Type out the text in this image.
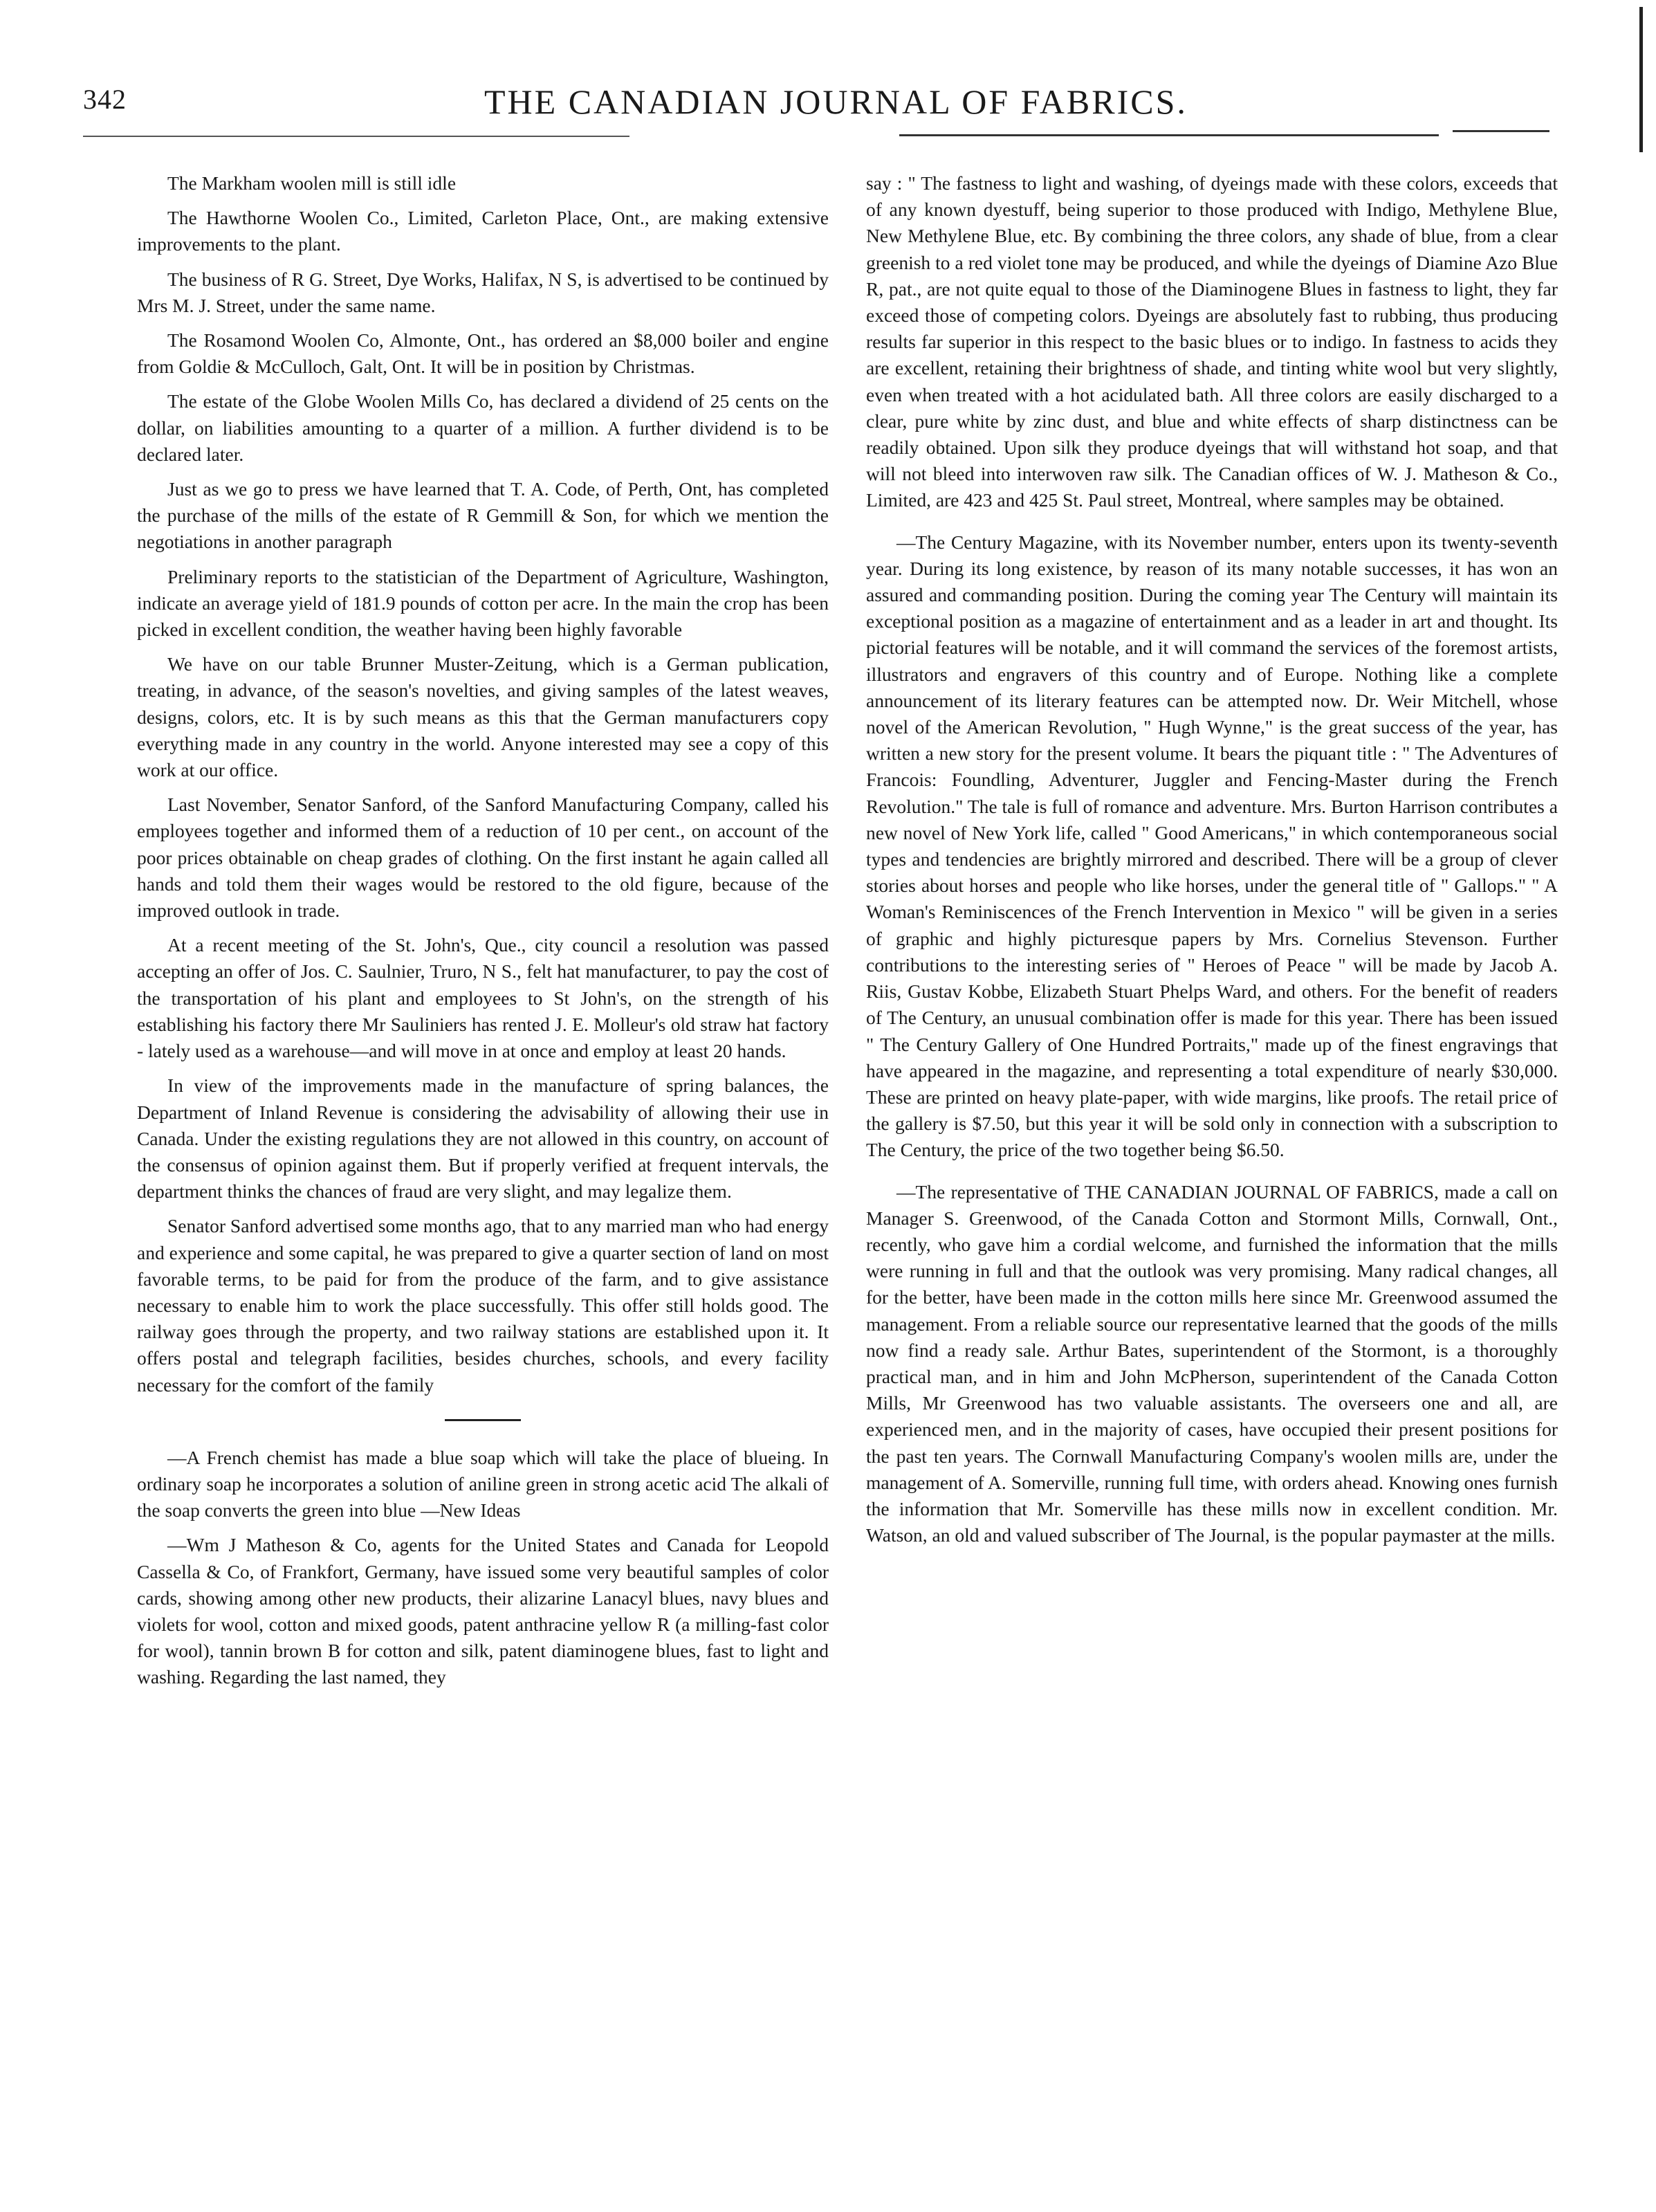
342	THE CANADIAN JOURNAL OF FABRICS.

The Markham woolen mill is still idle

The Hawthorne Woolen Co., Limited, Carleton Place, Ont., are making extensive improvements to the plant.

The business of R G. Street, Dye Works, Halifax, N S, is advertised to be continued by Mrs M. J. Street, under the same name.

The Rosamond Woolen Co, Almonte, Ont., has ordered an $8,000 boiler and engine from Goldie & McCulloch, Galt, Ont. It will be in position by Christmas.

The estate of the Globe Woolen Mills Co, has declared a dividend of 25 cents on the dollar, on liabilities amounting to a quarter of a million. A further dividend is to be declared later.

Just as we go to press we have learned that T. A. Code, of Perth, Ont, has completed the purchase of the mills of the estate of R Gemmill & Son, for which we mention the negotiations in another paragraph

Preliminary reports to the statistician of the Department of Agriculture, Washington, indicate an average yield of 181.9 pounds of cotton per acre. In the main the crop has been picked in excellent condition, the weather having been highly favorable

We have on our table Brunner Muster-Zeitung, which is a German publication, treating, in advance, of the season's novelties, and giving samples of the latest weaves, designs, colors, etc. It is by such means as this that the German manufacturers copy everything made in any country in the world. Anyone interested may see a copy of this work at our office.

Last November, Senator Sanford, of the Sanford Manufacturing Company, called his employees together and informed them of a reduction of 10 per cent., on account of the poor prices obtainable on cheap grades of clothing. On the first instant he again called all hands and told them their wages would be restored to the old figure, because of the improved outlook in trade.

At a recent meeting of the St. John's, Que., city council a resolution was passed accepting an offer of Jos. C. Saulnier, Truro, N S., felt hat manufacturer, to pay the cost of the transportation of his plant and employees to St John's, on the strength of his establishing his factory there Mr Sauliniers has rented J. E. Molleur's old straw hat factory - lately used as a warehouse—and will move in at once and employ at least 20 hands.

In view of the improvements made in the manufacture of spring balances, the Department of Inland Revenue is considering the advisability of allowing their use in Canada. Under the existing regulations they are not allowed in this country, on account of the consensus of opinion against them. But if properly verified at frequent intervals, the department thinks the chances of fraud are very slight, and may legalize them.

Senator Sanford advertised some months ago, that to any married man who had energy and experience and some capital, he was prepared to give a quarter section of land on most favorable terms, to be paid for from the produce of the farm, and to give assistance necessary to enable him to work the place successfully. This offer still holds good. The railway goes through the property, and two railway stations are established upon it. It offers postal and telegraph facilities, besides churches, schools, and every facility necessary for the comfort of the family

—A French chemist has made a blue soap which will take the place of blueing. In ordinary soap he incorporates a solution of aniline green in strong acetic acid The alkali of the soap converts the green into blue —New Ideas

—Wm J Matheson & Co, agents for the United States and Canada for Leopold Cassella & Co, of Frankfort, Germany, have issued some very beautiful samples of color cards, showing among other new products, their alizarine Lanacyl blues, navy blues and violets for wool, cotton and mixed goods, patent anthracine yellow R (a milling-fast color for wool), tannin brown B for cotton and silk, patent diaminogene blues, fast to light and washing. Regarding the last named, they

say : " The fastness to light and washing, of dyeings made with these colors, exceeds that of any known dyestuff, being superior to those produced with Indigo, Methylene Blue, New Methylene Blue, etc. By combining the three colors, any shade of blue, from a clear greenish to a red violet tone may be produced, and while the dyeings of Diamine Azo Blue R, pat., are not quite equal to those of the Diaminogene Blues in fastness to light, they far exceed those of competing colors. Dyeings are absolutely fast to rubbing, thus producing results far superior in this respect to the basic blues or to indigo. In fastness to acids they are excellent, retaining their brightness of shade, and tinting white wool but very slightly, even when treated with a hot acidulated bath. All three colors are easily discharged to a clear, pure white by zinc dust, and blue and white effects of sharp distinctness can be readily obtained. Upon silk they produce dyeings that will withstand hot soap, and that will not bleed into interwoven raw silk. The Canadian offices of W. J. Matheson & Co., Limited, are 423 and 425 St. Paul street, Montreal, where samples may be obtained.

—The Century Magazine, with its November number, enters upon its twenty-seventh year. During its long existence, by reason of its many notable successes, it has won an assured and commanding position. During the coming year The Century will maintain its exceptional position as a magazine of entertainment and as a leader in art and thought. Its pictorial features will be notable, and it will command the services of the foremost artists, illustrators and engravers of this country and of Europe. Nothing like a complete announcement of its literary features can be attempted now. Dr. Weir Mitchell, whose novel of the American Revolution, " Hugh Wynne," is the great success of the year, has written a new story for the present volume. It bears the piquant title : " The Adventures of Francois: Foundling, Adventurer, Juggler and Fencing-Master during the French Revolution." The tale is full of romance and adventure. Mrs. Burton Harrison contributes a new novel of New York life, called " Good Americans," in which contemporaneous social types and tendencies are brightly mirrored and described. There will be a group of clever stories about horses and people who like horses, under the general title of " Gallops." " A Woman's Reminiscences of the French Intervention in Mexico " will be given in a series of graphic and highly picturesque papers by Mrs. Cornelius Stevenson. Further contributions to the interesting series of " Heroes of Peace " will be made by Jacob A. Riis, Gustav Kobbe, Elizabeth Stuart Phelps Ward, and others. For the benefit of readers of The Century, an unusual combination offer is made for this year. There has been issued " The Century Gallery of One Hundred Portraits," made up of the finest engravings that have appeared in the magazine, and representing a total expenditure of nearly $30,000. These are printed on heavy plate-paper, with wide margins, like proofs. The retail price of the gallery is $7.50, but this year it will be sold only in connection with a subscription to The Century, the price of the two together being $6.50.

—The representative of THE CANADIAN JOURNAL OF FABRICS, made a call on Manager S. Greenwood, of the Canada Cotton and Stormont Mills, Cornwall, Ont., recently, who gave him a cordial welcome, and furnished the information that the mills were running in full and that the outlook was very promising. Many radical changes, all for the better, have been made in the cotton mills here since Mr. Greenwood assumed the management. From a reliable source our representative learned that the goods of the mills now find a ready sale. Arthur Bates, superintendent of the Stormont, is a thoroughly practical man, and in him and John McPherson, superintendent of the Canada Cotton Mills, Mr Greenwood has two valuable assistants. The overseers one and all, are experienced men, and in the majority of cases, have occupied their present positions for the past ten years. The Cornwall Manufacturing Company's woolen mills are, under the management of A. Somerville, running full time, with orders ahead. Knowing ones furnish the information that Mr. Somerville has these mills now in excellent condition. Mr. Watson, an old and valued subscriber of The Journal, is the popular paymaster at the mills.
